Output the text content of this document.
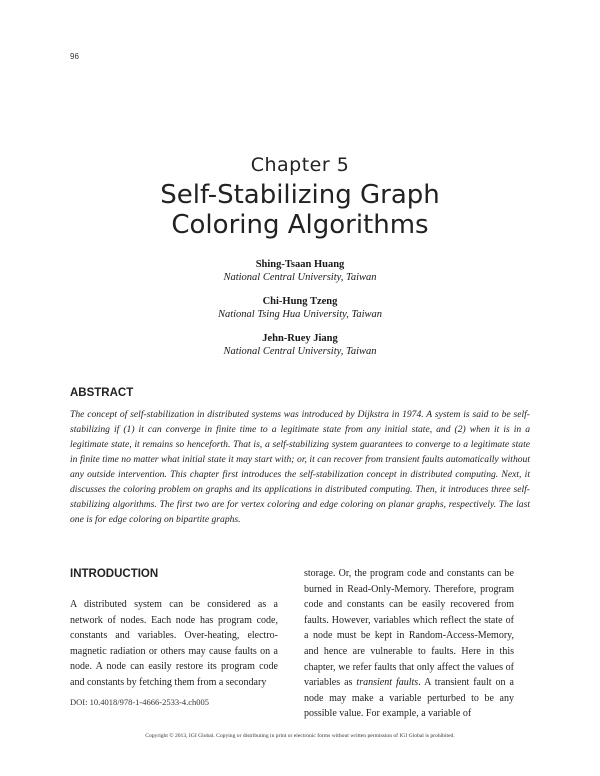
96
Chapter 5
Self-Stabilizing Graph
Coloring Algorithms
Shing-Tsaan Huang
National Central University, Taiwan
Chi-Hung Tzeng
National Tsing Hua University, Taiwan
Jehn-Ruey Jiang
National Central University, Taiwan
ABSTRACT
The concept of self-stabilization in distributed systems was introduced by Dijkstra in 1974. A system is said to be self-stabilizing if (1) it can converge in finite time to a legitimate state from any initial state, and (2) when it is in a legitimate state, it remains so henceforth. That is, a self-stabilizing system guarantees to converge to a legitimate state in finite time no matter what initial state it may start with; or, it can recover from transient faults automatically without any outside intervention. This chapter first introduces the self-stabilization concept in distributed computing. Next, it discusses the coloring problem on graphs and its applications in distributed computing. Then, it introduces three self-stabilizing algorithms. The first two are for vertex coloring and edge coloring on planar graphs, respectively. The last one is for edge coloring on bipartite graphs.
INTRODUCTION
A distributed system can be considered as a network of nodes. Each node has program code, constants and variables. Over-heating, electro-magnetic radiation or others may cause faults on a node. A node can easily restore its program code and constants by fetching them from a secondary
storage. Or, the program code and constants can be burned in Read-Only-Memory. Therefore, program code and constants can be easily recovered from faults. However, variables which reflect the state of a node must be kept in Random-Access-Memory, and hence are vulnerable to faults. Here in this chapter, we refer faults that only affect the values of variables as transient faults. A transient fault on a node may make a variable perturbed to be any possible value. For example, a variable of
DOI: 10.4018/978-1-4666-2533-4.ch005
Copyright © 2013, IGI Global. Copying or distributing in print or electronic forms without written permission of IGI Global is prohibited.
